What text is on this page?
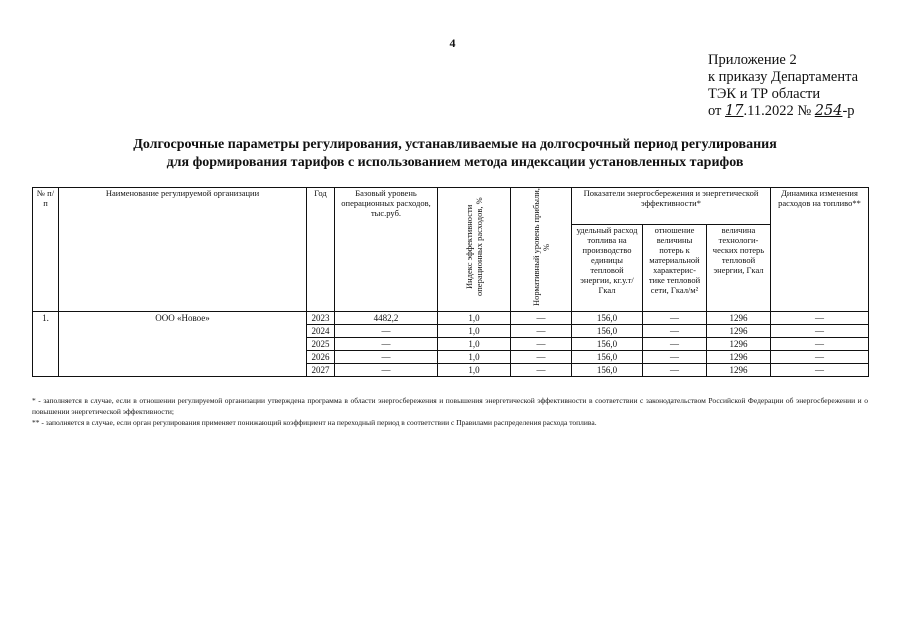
4
Приложение 2
к приказу Департамента
ТЭК и ТР области
от 17.11.2022 № 254-р
Долгосрочные параметры регулирования, устанавливаемые на долгосрочный период регулирования
для формирования тарифов с использованием метода индексации установленных тарифов
№ п/п	Наименование регулируемой организации	Год	Базовый уровень операционных расходов, тыс.руб.	Индекс эффективности операционных расходов, %	Нормативный уровень прибыли, %	Показатели энергосбережения и энергетической эффективности*			Динамика изменения расходов на топливо**
						удельный расход топлива на производство единицы тепловой энергии, кг.у.т/Гкал	отношение величины потерь к материальной характерис- тике тепловой сети, Гкал/м²	величина технологи- ческих потерь тепловой энергии, Гкал	
1.	ООО «Новое»	2023	4482,2	1,0	—	156,0	—	1296	—
		2024	—	1,0	—	156,0	—	1296	—
		2025	—	1,0	—	156,0	—	1296	—
		2026	—	1,0	—	156,0	—	1296	—
		2027	—	1,0	—	156,0	—	1296	—

* - заполняется в случае, если в отношении регулируемой организации утверждена программа в области энергосбережения и повышения энергетической эффективности в соответствии с законодательством Российской Федерации об энергосбережении и о повышении энергетической эффективности;

** - заполняется в случае, если орган регулирования применяет понижающий коэффициент на переходный период в соответствии с Правилами распределения расхода топлива.
